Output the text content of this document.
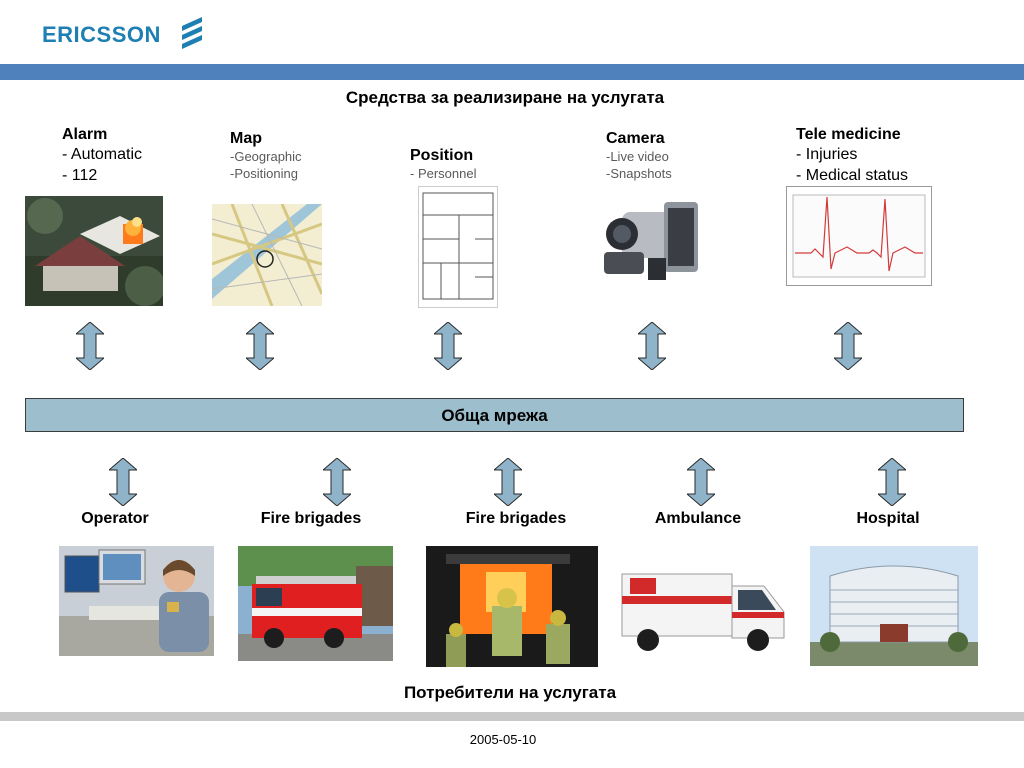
ERICSSON
Средства за реализиране на услугата
Alarm
- Automatic
- 112
Map
-Geographic
-Positioning
Position
- Personnel
Camera
-Live video
-Snapshots
Tele medicine
- Injuries
- Medical status
Обща мрежа
Operator	Fire brigades	Fire brigades	Ambulance	Hospital
Потребители на услугата
2005-05-10
